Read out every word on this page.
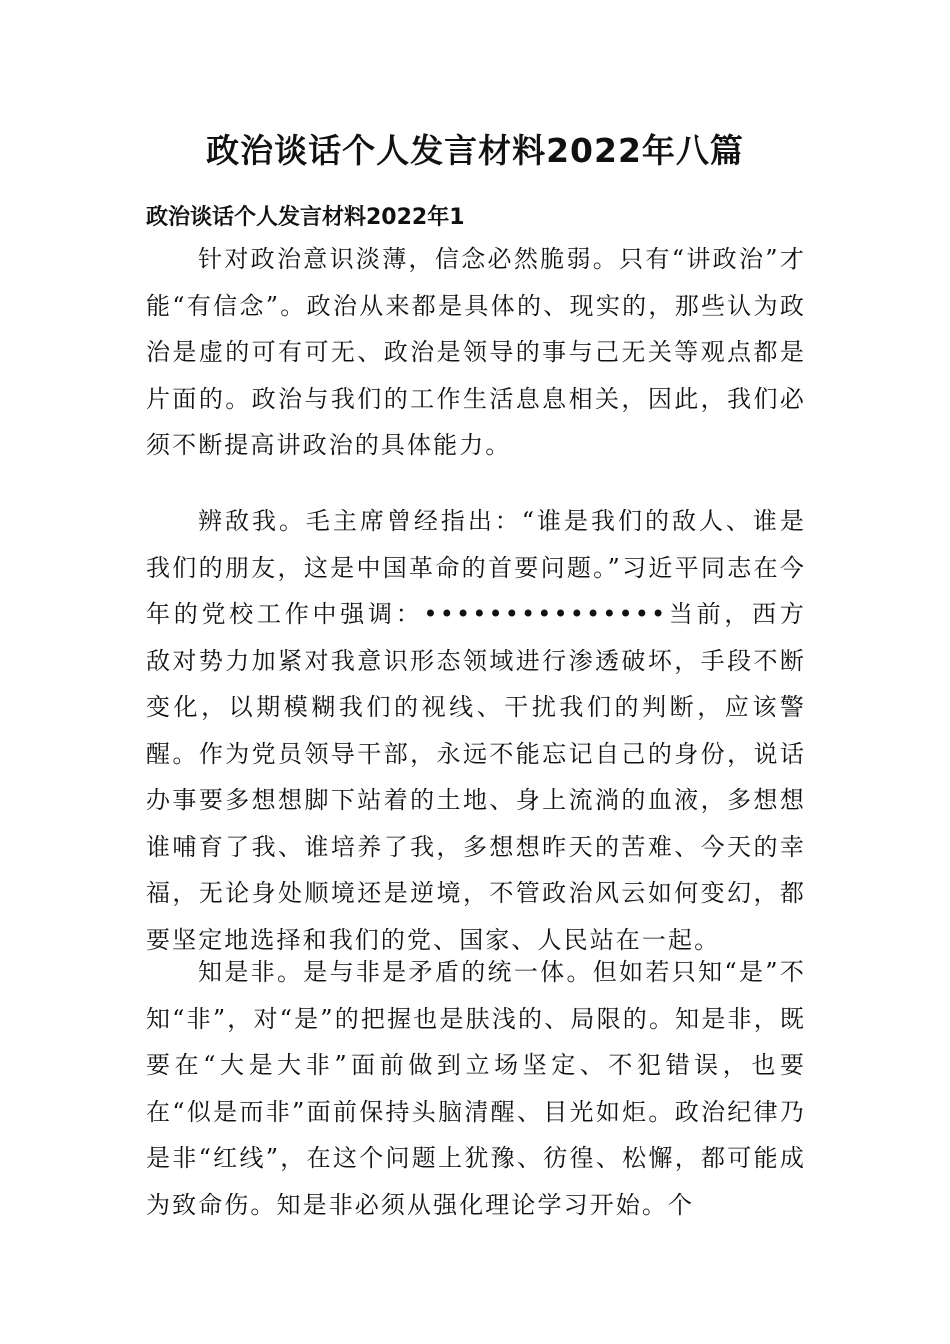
政治谈话个人发言材料2022年八篇
政治谈话个人发言材料2022年1

针对政治意识淡薄，信念必然脆弱。只有“讲政治”才能“有信念”。政治从来都是具体的、现实的，那些认为政治是虚的可有可无、政治是领导的事与己无关等观点都是片面的。政治与我们的工作生活息息相关，因此，我们必须不断提高讲政治的具体能力。

辨敌我。毛主席曾经指出：“谁是我们的敌人、谁是我们的朋友，这是中国革命的首要问题。”习近平同志在今年的党校工作中强调：•••••••••••••••当前，西方敌对势力加紧对我意识形态领域进行渗透破坏，手段不断变化，以期模糊我们的视线、干扰我们的判断，应该警醒。作为党员领导干部，永远不能忘记自己的身份，说话办事要多想想脚下站着的土地、身上流淌的血液，多想想谁哺育了我、谁培养了我，多想想昨天的苦难、今天的幸福，无论身处顺境还是逆境，不管政治风云如何变幻，都要坚定地选择和我们的党、国家、人民站在一起。

知是非。是与非是矛盾的统一体。但如若只知“是”不知“非”，对“是”的把握也是肤浅的、局限的。知是非，既要在“大是大非”面前做到立场坚定、不犯错误，也要在“似是而非”面前保持头脑清醒、目光如炬。政治纪律乃是非“红线”，在这个问题上犹豫、彷徨、松懈，都可能成为致命伤。知是非必须从强化理论学习开始。个
